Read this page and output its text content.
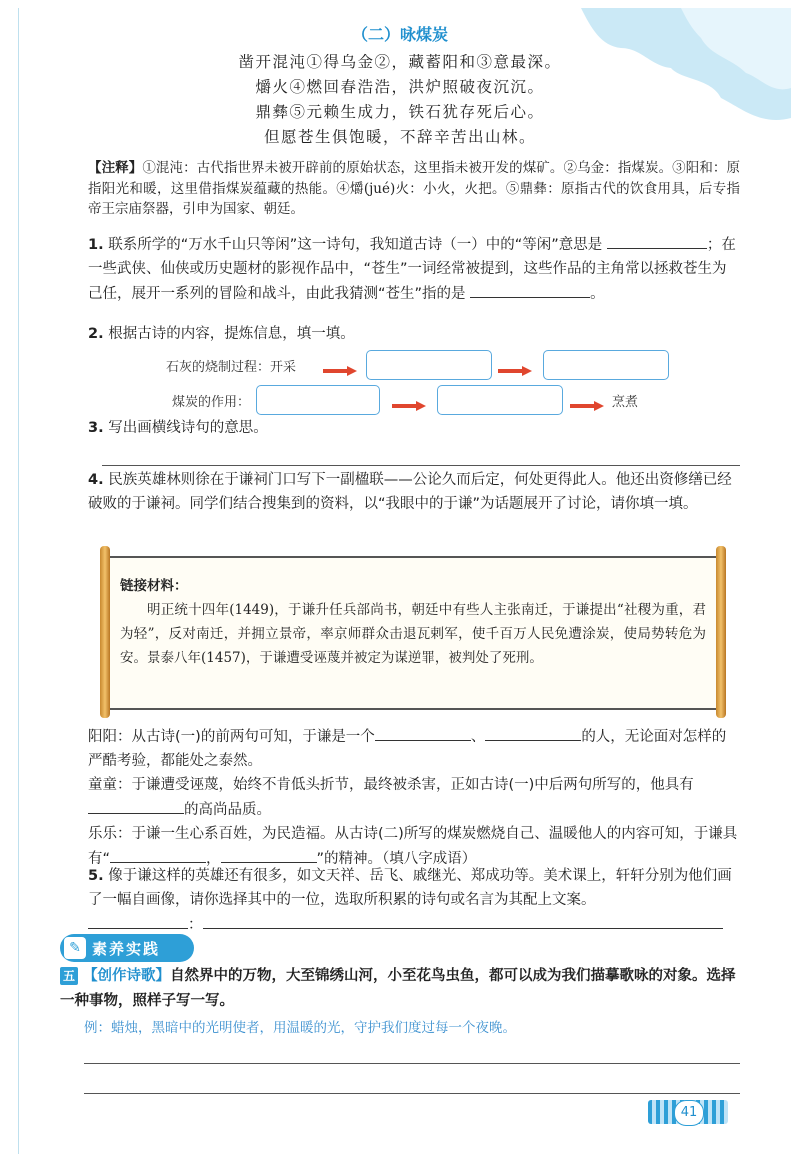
（二）咏煤炭
凿开混沌①得乌金②，藏蓄阳和③意最深。
爝火④燃回春浩浩，洪炉照破夜沉沉。
鼎彝⑤元赖生成力，铁石犹存死后心。
但愿苍生俱饱暖，不辞辛苦出山林。
【注释】①混沌：古代指世界未被开辟前的原始状态，这里指未被开发的煤矿。②乌金：指煤炭。③阳和：原指阳光和暖，这里借指煤炭蕴藏的热能。④爝(jué)火：小火，火把。⑤鼎彝：原指古代的饮食用具，后专指帝王宗庙祭器，引申为国家、朝廷。
1. 联系所学的“万水千山只等闲”这一诗句，我知道古诗（一）中的“等闲”意思是	；在一些武侠、仙侠或历史题材的影视作品中，“苍生”一词经常被提到，这些作品的主角常以拯救苍生为己任，展开一系列的冒险和战斗，由此我猜测“苍生”指的是	。
2. 根据古诗的内容，提炼信息，填一填。
石灰的烧制过程：开采
煤炭的作用：	烹煮
3. 写出画横线诗句的意思。
4. 民族英雄林则徐在于谦祠门口写下一副楹联——公论久而后定，何处更得此人。他还出资修缮已经破败的于谦祠。同学们结合搜集到的资料，以“我眼中的于谦”为话题展开了讨论，请你填一填。
链接材料：

明正统十四年(1449)，于谦升任兵部尚书，朝廷中有些人主张南迁，于谦提出“社稷为重，君为轻”，反对南迁，并拥立景帝，率京师群众击退瓦剌军，使千百万人民免遭涂炭，使局势转危为安。景泰八年(1457)，于谦遭受诬蔑并被定为谋逆罪，被判处了死刑。

阳阳：从古诗(一)的前两句可知，于谦是一个	、	的人，无论面对怎样的严酷考验，都能处之泰然。
童童：于谦遭受诬蔑，始终不肯低头折节，最终被杀害，正如古诗(一)中后两句所写的，他具有的高尚品质。
乐乐：于谦一生心系百姓，为民造福。从古诗(二)所写的煤炭燃烧自己、温暖他人的内容可知，于谦具有“	，	”的精神。（填八字成语）
5. 像于谦这样的英雄还有很多，如文天祥、岳飞、戚继光、郑成功等。美术课上，轩轩分别为他们画了一幅自画像，请你选择其中的一位，选取所积累的诗句或名言为其配上文案。
：
✎ 素养实践
五 【创作诗歌】自然界中的万物，大至锦绣山河，小至花鸟虫鱼，都可以成为我们描摹歌咏的对象。选择一种事物，照样子写一写。
例：蜡烛，黑暗中的光明使者，用温暖的光，守护我们度过每一个夜晚。
41
